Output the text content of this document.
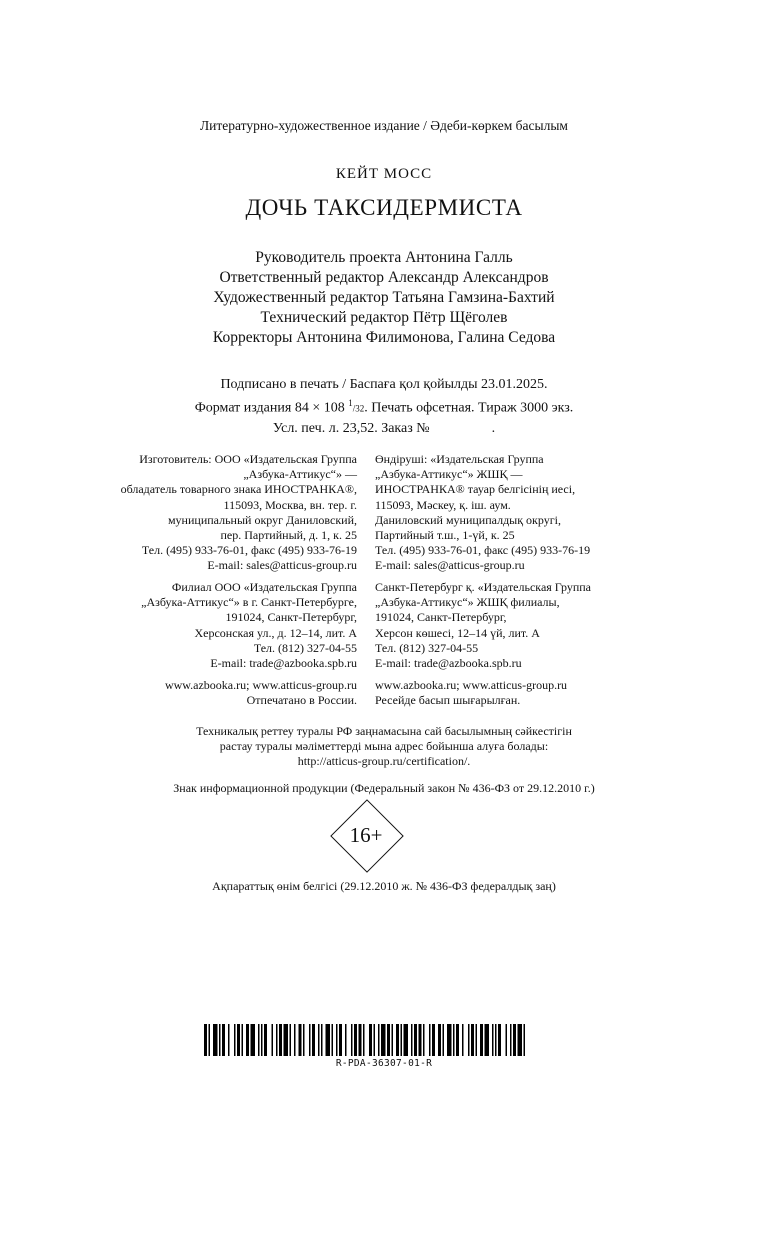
Литературно-художественное издание / Әдеби-көркем басылым
КЕЙТ МОСС
ДОЧЬ ТАКСИДЕРМИСТА
Руководитель проекта Антонина Галль
Ответственный редактор Александр Александров
Художественный редактор Татьяна Гамзина-Бахтий
Технический редактор Пётр Щёголев
Корректоры Антонина Филимонова, Галина Седова
Подписано в печать / Баспаға қол қойылды 23.01.2025.
Формат издания 84 × 108 $^1$/32. Печать офсетная. Тираж 3000 экз.
Усл. печ. л. 23,52. Заказ №	.
Изготовитель: ООО «Издательская Группа
„Азбука-Аттикус“» —
обладатель товарного знака ИНОСТРАНКА®,
115093, Москва, вн. тер. г.
муниципальный округ Даниловский,
пер. Партийный, д. 1, к. 25
Тел. (495) 933-76-01, факс (495) 933-76-19
E-mail: sales@atticus-group.ru
Өндіруші: «Издательская Группа
„Азбука-Аттикус“» ЖШҚ —
ИНОСТРАНКА® тауар белгісінің иесі,
115093, Мәскеу, қ. іш. аум.
Даниловский муниципалдық округі,
Партийный т.ш., 1-үй, к. 25
Тел. (495) 933-76-01, факс (495) 933-76-19
E-mail: sales@atticus-group.ru
Филиал ООО «Издательская Группа
„Азбука-Аттикус“» в г. Санкт-Петербурге,
191024, Санкт-Петербург,
Херсонская ул., д. 12–14, лит. А
Тел. (812) 327-04-55
E-mail: trade@azbooka.spb.ru
Санкт-Петербург қ. «Издательская Группа
„Азбука-Аттикус“» ЖШҚ филиалы,
191024, Санкт-Петербург,
Херсон көшесі, 12–14 үй, лит. А
Тел. (812) 327-04-55
E-mail: trade@azbooka.spb.ru
www.azbooka.ru; www.atticus-group.ru
Отпечатано в России.
www.azbooka.ru; www.atticus-group.ru
Ресейде басып шығарылған.
Техникалық реттеу туралы РФ заңнамасына сай басылымның сәйкестігін
растау туралы мәліметтерді мына адрес бойынша алуға болады:
http://atticus-group.ru/certification/.
Знак информационной продукции (Федеральный закон № 436-ФЗ от 29.12.2010 г.)
16+
Ақпараттық өнім белгісі (29.12.2010 ж. № 436-ФЗ федералдық заң)
R-PDA-36307-01-R
